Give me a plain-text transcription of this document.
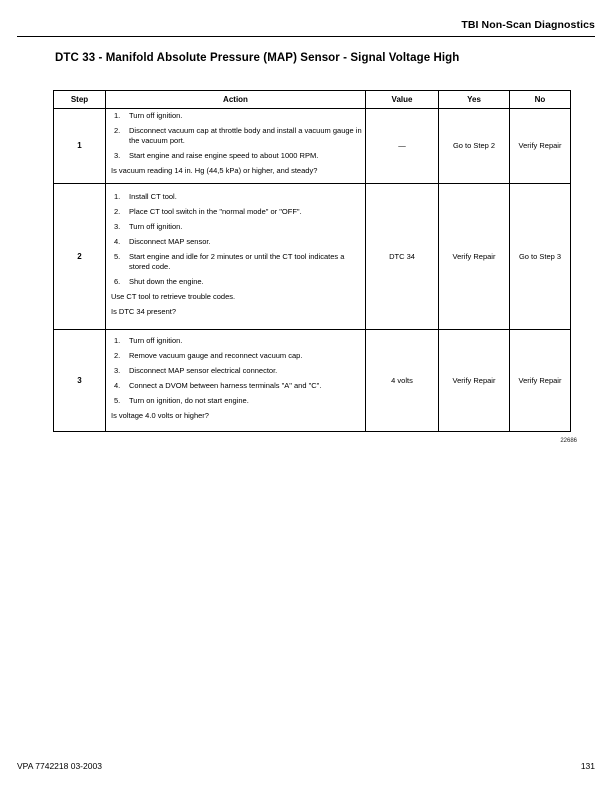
TBI Non-Scan Diagnostics
DTC 33 - Manifold Absolute Pressure (MAP) Sensor - Signal Voltage High
Step	Action	Value	Yes	No
1	
Turn off ignition.
Disconnect vacuum cap at throttle body and install a vacuum gauge in the vacuum port.
Start engine and raise engine speed to about 1000 RPM.
Is vacuum reading 14 in. Hg (44,5 kPa) or higher, and steady?
	—	Go to Step 2	Verify Repair
2	
Install CT tool.
Place CT tool switch in the "normal mode" or "OFF".
Turn off ignition.
Disconnect MAP sensor.
Start engine and idle for 2 minutes or until the CT tool indicates a stored code.
Shut down the engine.
Use CT tool to retrieve trouble codes.
Is DTC 34 present?
	DTC 34	Verify Repair	Go to Step 3
3	
Turn off ignition.
Remove vacuum gauge and reconnect vacuum cap.
Disconnect MAP sensor electrical connector.
Connect a DVOM between harness terminals "A" and "C".
Turn on ignition, do not start engine.
Is voltage 4.0 volts or higher?
	4 volts	Verify Repair	Verify Repair
22686
VPA 7742218 03-2003	131
